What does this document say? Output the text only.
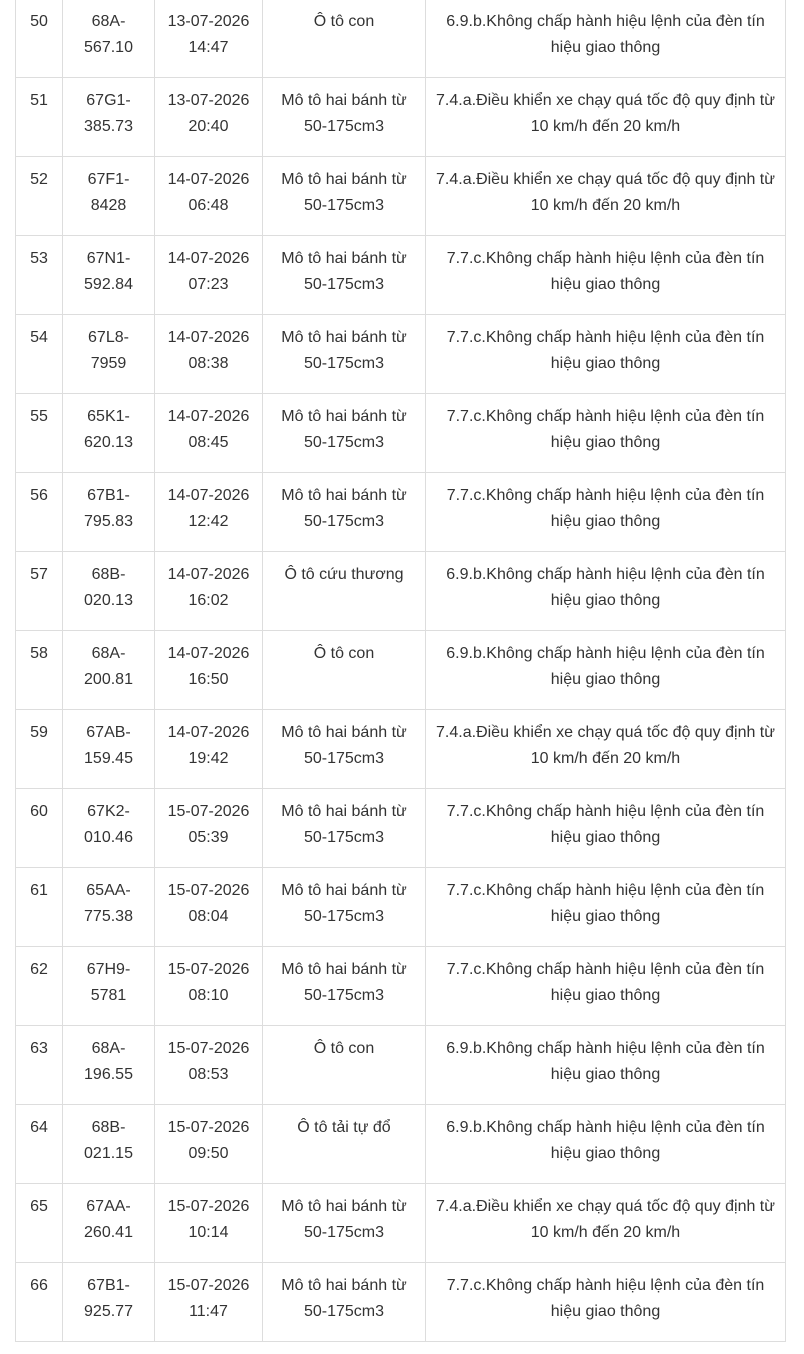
50	68A-567.10	13-07-2026 14:47	Ô tô con	6.9.b.Không chấp hành hiệu lệnh của đèn tín hiệu giao thông
51	67G1-385.73	13-07-2026 20:40	Mô tô hai bánh từ 50-175cm3	7.4.a.Điều khiển xe chạy quá tốc độ quy định từ 10 km/h đến 20 km/h
52	67F1-8428	14-07-2026 06:48	Mô tô hai bánh từ 50-175cm3	7.4.a.Điều khiển xe chạy quá tốc độ quy định từ 10 km/h đến 20 km/h
53	67N1-592.84	14-07-2026 07:23	Mô tô hai bánh từ 50-175cm3	7.7.c.Không chấp hành hiệu lệnh của đèn tín hiệu giao thông
54	67L8-7959	14-07-2026 08:38	Mô tô hai bánh từ 50-175cm3	7.7.c.Không chấp hành hiệu lệnh của đèn tín hiệu giao thông
55	65K1-620.13	14-07-2026 08:45	Mô tô hai bánh từ 50-175cm3	7.7.c.Không chấp hành hiệu lệnh của đèn tín hiệu giao thông
56	67B1-795.83	14-07-2026 12:42	Mô tô hai bánh từ 50-175cm3	7.7.c.Không chấp hành hiệu lệnh của đèn tín hiệu giao thông
57	68B-020.13	14-07-2026 16:02	Ô tô cứu thương	6.9.b.Không chấp hành hiệu lệnh của đèn tín hiệu giao thông
58	68A-200.81	14-07-2026 16:50	Ô tô con	6.9.b.Không chấp hành hiệu lệnh của đèn tín hiệu giao thông
59	67AB-159.45	14-07-2026 19:42	Mô tô hai bánh từ 50-175cm3	7.4.a.Điều khiển xe chạy quá tốc độ quy định từ 10 km/h đến 20 km/h
60	67K2-010.46	15-07-2026 05:39	Mô tô hai bánh từ 50-175cm3	7.7.c.Không chấp hành hiệu lệnh của đèn tín hiệu giao thông
61	65AA-775.38	15-07-2026 08:04	Mô tô hai bánh từ 50-175cm3	7.7.c.Không chấp hành hiệu lệnh của đèn tín hiệu giao thông
62	67H9-5781	15-07-2026 08:10	Mô tô hai bánh từ 50-175cm3	7.7.c.Không chấp hành hiệu lệnh của đèn tín hiệu giao thông
63	68A-196.55	15-07-2026 08:53	Ô tô con	6.9.b.Không chấp hành hiệu lệnh của đèn tín hiệu giao thông
64	68B-021.15	15-07-2026 09:50	Ô tô tải tự đổ	6.9.b.Không chấp hành hiệu lệnh của đèn tín hiệu giao thông
65	67AA-260.41	15-07-2026 10:14	Mô tô hai bánh từ 50-175cm3	7.4.a.Điều khiển xe chạy quá tốc độ quy định từ 10 km/h đến 20 km/h
66	67B1-925.77	15-07-2026 11:47	Mô tô hai bánh từ 50-175cm3	7.7.c.Không chấp hành hiệu lệnh của đèn tín hiệu giao thông
